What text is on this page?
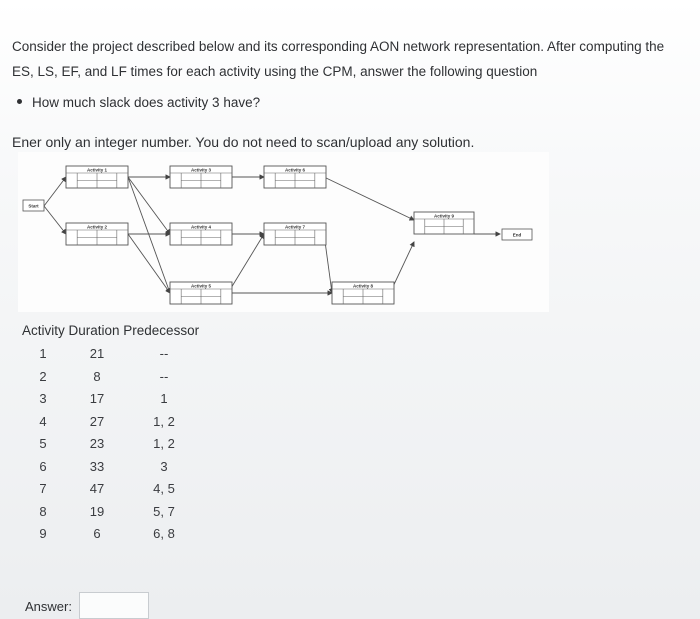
Consider the project described below and its corresponding AON network representation. After computing the
ES, LS, EF, and LF times for each activity using the CPM, answer the following question
How much slack does activity 3 have?
Ener only an integer number. You do not need to scan/upload any solution.
Start
End
Activity 1
Activity 2
Activity 3
Activity 4
Activity 5
Activity 6
Activity 7
Activity 8
Activity 9
Activity Duration Predecessor
1	21	--
2	8	--
3	17	1
4	27	1, 2
5	23	1, 2
6	33	3
7	47	4, 5
8	19	5, 7
9	6	6, 8
Answer:
